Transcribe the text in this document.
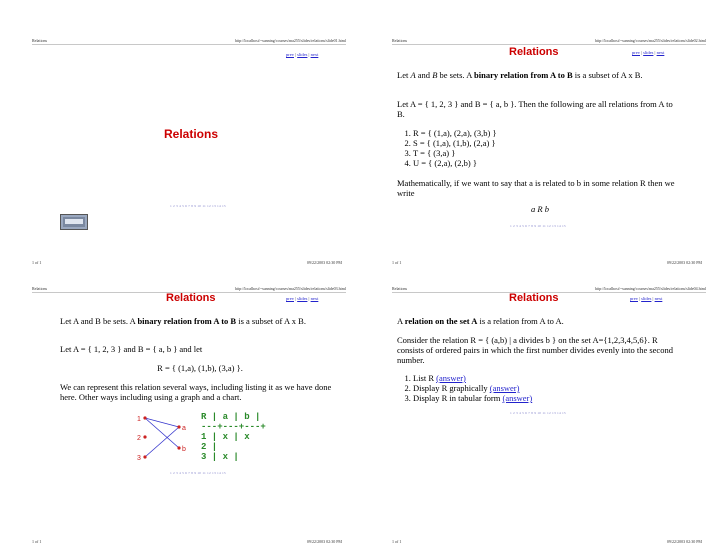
Relations	http://localhost/~sunning/courses/ma255/slides/relations/slide01.html
prev | slides | next
Relations
1 2 3 4 5 6 7 8 9 10 11 12 13 14 15
1 of 1	09/22/2003 02:30 PM
Relations	http://localhost/~sunning/courses/ma255/slides/relations/slide02.html
Relations	prev | slides | next
Let A and B be sets. A binary relation from A to B is a subset of A x B.
Let A = { 1, 2, 3 } and B = { a, b }. Then the following are all relations from A to B.
1. R = { (1,a), (2,a), (3,b) }
2. S = { (1,a), (1,b), (2,a) }
3. T = { (3,a) }
4. U = { (2,a), (2,b) }
Mathematically, if we want to say that a is related to b in some relation R then we write
a R b
1 2 3 4 5 6 7 8 9 10 11 12 13 14 15
1 of 1	09/22/2003 02:30 PM
Relations	http://localhost/~sunning/courses/ma255/slides/relations/slide03.html
Relations	prev | slides | next
Let A and B be sets. A binary relation from A to B is a subset of A x B.
Let A = { 1, 2, 3 } and B = { a, b } and let
R = { (1,a), (1,b), (3,a) }.
We can represent this relation several ways, including listing it as we have done here. Other ways including using a graph and a chart.
1
2
3
a
b
R | a | b |
---+---+---+
1 | x | x
2 |
3 | x |
1 2 3 4 5 6 7 8 9 10 11 12 13 14 15
1 of 1	09/22/2003 02:30 PM
Relations	http://localhost/~sunning/courses/ma255/slides/relations/slide04.html
Relations	prev | slides | next
A relation on the set A is a relation from A to A.
Consider the relation R = { (a,b) | a divides b } on the set A={1,2,3,4,5,6}. R consists of ordered pairs in which the first number divides evenly into the second number.
1. List R (answer)
2. Display R graphically (answer)
3. Display R in tabular form (answer)
1 2 3 4 5 6 7 8 9 10 11 12 13 14 15
1 of 1	09/22/2003 02:30 PM
